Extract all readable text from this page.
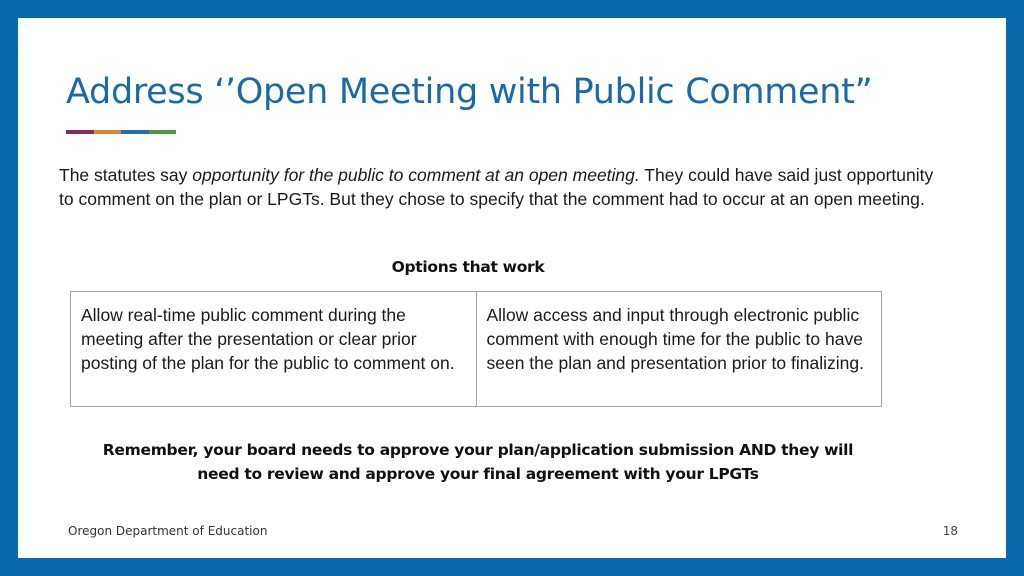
Address ‘’Open Meeting with Public Comment”

The statutes say opportunity for the public to comment at an open meeting. They could have said just opportunity to comment on the plan or LPGTs. But they chose to specify that the comment had to occur at an open meeting.

Options that work
Allow real-time public comment during the meeting after the presentation or clear prior posting of the plan for the public to comment on.
Allow access and input through electronic public comment with enough time for the public to have seen the plan and presentation prior to finalizing.
Remember, your board needs to approve your plan/application submission AND they will need to review and approve your final agreement with your LPGTs
Oregon Department of Education	18
